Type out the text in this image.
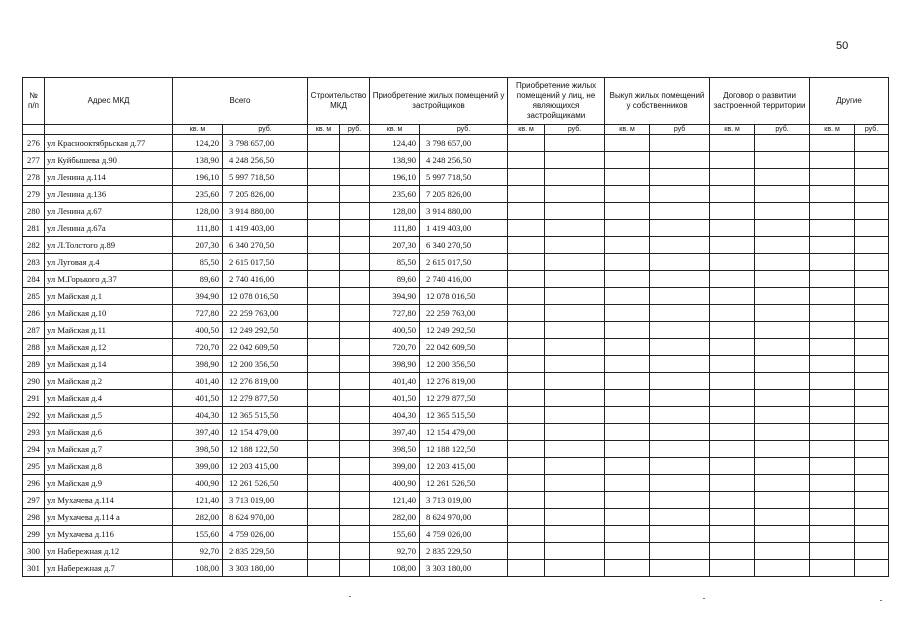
50
№ п/п	Адрес МКД	Всего		Строительство МКД		Приобретение жилых помещений у застройщиков		Приобретение жилых помещений у лиц, не являющихся застройщиками		Выкуп жилых помещений у собственников		Договор о развитии застроенной территории		Другие	
		кв. м	руб.	кв. м	руб.	кв. м	руб.	кв. м	руб.	кв. м	руб	кв. м	руб.	кв. м	руб.
276	ул Краснооктябрьская д.77	124,20	3 798 657,00			124,40	3 798 657,00								
277	ул Куйбышева д.90	138,90	4 248 256,50			138,90	4 248 256,50								
278	ул Ленина д.114	196,10	5 997 718,50			196,10	5 997 718,50								
279	ул Ленина д.136	235,60	7 205 826,00			235,60	7 205 826,00								
280	ул Ленина д.67	128,00	3 914 880,00			128,00	3 914 880,00								
281	ул Ленина д.67а	111,80	1 419 403,00			111,80	1 419 403,00								
282	ул Л.Толстого д.89	207,30	6 340 270,50			207,30	6 340 270,50								
283	ул Луговая д.4	85,50	2 615 017,50			85,50	2 615 017,50								
284	ул М.Горького д.37	89,60	2 740 416,00			89,60	2 740 416,00								
285	ул Майская д.1	394,90	12 078 016,50			394,90	12 078 016,50								
286	ул Майская д.10	727,80	22 259 763,00			727,80	22 259 763,00								
287	ул Майская д.11	400,50	12 249 292,50			400,50	12 249 292,50								
288	ул Майская д.12	720,70	22 042 609,50			720,70	22 042 609,50								
289	ул Майская д.14	398,90	12 200 356,50			398,90	12 200 356,50								
290	ул Майская д.2	401,40	12 276 819,00			401,40	12 276 819,00								
291	ул Майская д.4	401,50	12 279 877,50			401,50	12 279 877,50								
292	ул Майская д.5	404,30	12 365 515,50			404,30	12 365 515,50								
293	ул Майская д.6	397,40	12 154 479,00			397,40	12 154 479,00								
294	ул Майская д.7	398,50	12 188 122,50			398,50	12 188 122,50								
295	ул Майская д.8	399,00	12 203 415,00			399,00	12 203 415,00								
296	ул Майская д.9	400,90	12 261 526,50			400,90	12 261 526,50								
297	ул Мухачева д.114	121,40	3 713 019,00			121,40	3 713 019,00								
298	ул Мухачева д.114 а	282,00	8 624 970,00			282,00	8 624 970,00								
299	ул Мухачева д.116	155,60	4 759 026,00			155,60	4 759 026,00								
300	ул Набережная д.12	92,70	2 835 229,50			92,70	2 835 229,50								
301	ул Набережная д.7	108,00	3 303 180,00			108,00	3 303 180,00								
